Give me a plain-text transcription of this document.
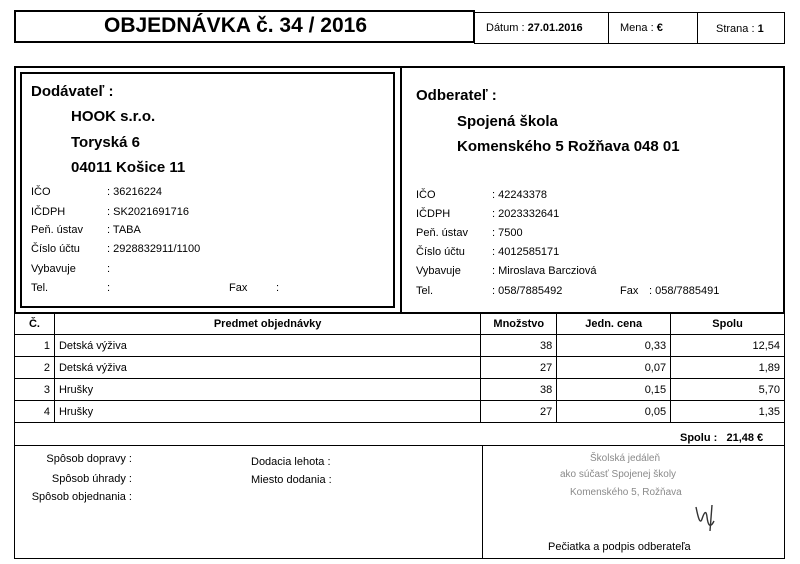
OBJEDNÁVKA č. 34 / 2016	Dátum : 27.01.2016	Mena : €	Strana : 1
Dodávateľ :
HOOK s.r.o.
Toryská 6
04011 Košice 11
IČO	: 36216224
IČDPH	: SK2021691716
Peň. ústav : TABA
Číslo účtu : 2928832911/1100
Vybavuje	:
Tel.	:	Fax	:
Odberateľ :
Spojená škola
Komenského 5 Rožňava 048 01
IČO	: 42243378
IČDPH	: 2023332641
Peň. ústav : 7500
Číslo účtu : 4012585171
Vybavuje	: Miroslava Barcziová
Tel.	: 058/7885492	Fax : 058/7885491
Č.	Predmet objednávky	Množstvo	Jedn. cena	Spolu
1	Detská výživa	38	0,33	12,54
2	Detská výživa	27	0,07	1,89
3	Hrušky	38	0,15	5,70
4	Hrušky	27	0,05	1,35
Spolu : 21,48 €
Spôsob dopravy :
Spôsob úhrady :
Spôsob objednania :
Dodacia lehota :
Miesto dodania :
Školská jedáleň
ako súčasť Spojenej školy
Komenského 5, Rožňava
Pečiatka a podpis odberateľa
